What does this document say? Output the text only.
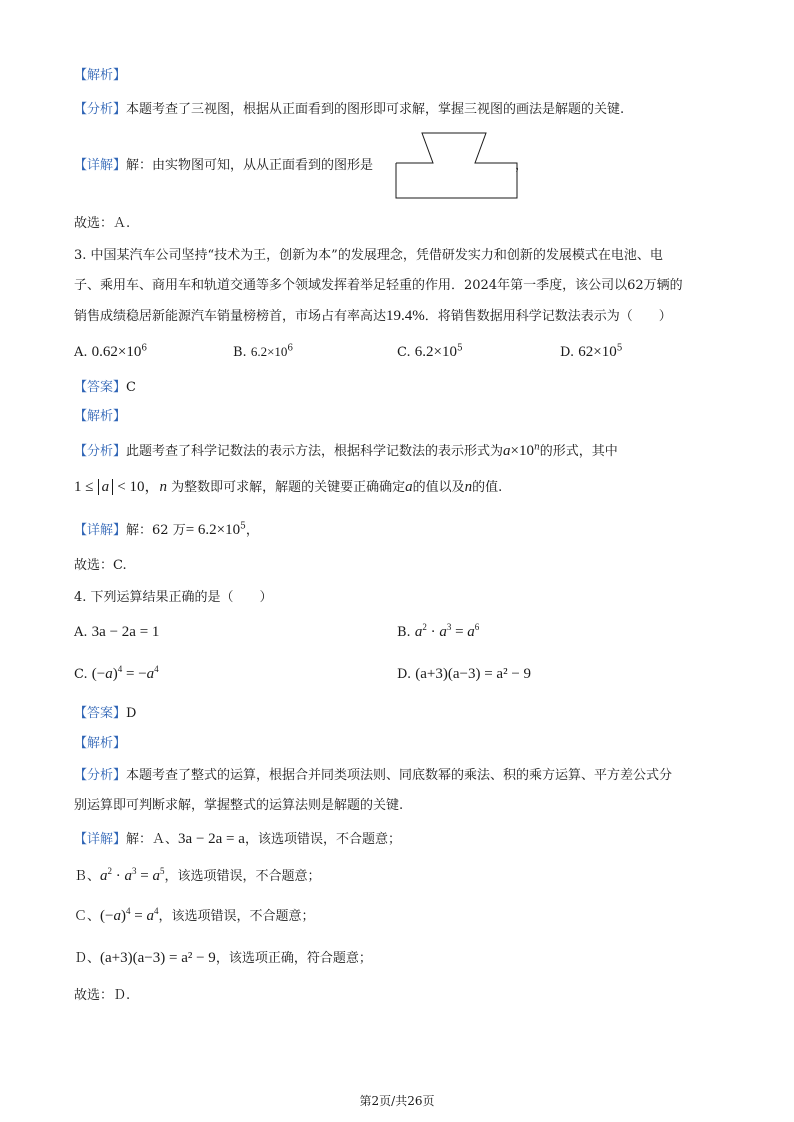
【解析】
【分析】本题考查了三视图，根据从正面看到的图形即可求解，掌握三视图的画法是解题的关键.
【详解】解：由实物图可知，从从正面看到的图形是	，
故选：Ａ.
3. 中国某汽车公司坚持“技术为王，创新为本”的发展理念，凭借研发实力和创新的发展模式在电池、电
子、乘用车、商用车和轨道交通等多个领域发挥着举足轻重的作用．2024年第一季度，该公司以62万辆的
销售成绩稳居新能源汽车销量榜榜首，市场占有率高达19.4%．将销售数据用科学记数法表示为（　　）
A. $0.62\times 10^6$	B. $6.2\times 10^6$	C. $6.2\times 10^5$	D. $62\times 10^5$
【答案】C
【解析】
【分析】此题考查了科学记数法的表示方法，根据科学记数法的表示形式为$a\times 10^n$的形式，其中
1 ≤ a < 10，n 为整数即可求解，解题的关键要正确确定a的值以及n的值.
【详解】解：62 万= $6.2\times 10^5$，
故选：C.
4. 下列运算结果正确的是（　　）
A. 3a − 2a = 1	B. $a^2 \cdot a^3 = a^6$
C. $(-a)^4 = -a^4$	D. (a+3)(a−3) = a² − 9
【答案】D
【解析】
【分析】本题考查了整式的运算，根据合并同类项法则、同底数幂的乘法、积的乘方运算、平方差公式分
别运算即可判断求解，掌握整式的运算法则是解题的关键.
【详解】解：Ａ、3a − 2a = a，该选项错误，不合题意；
Ｂ、$a^2 \cdot a^3 = a^5$，该选项错误，不合题意；
Ｃ、$(-a)^4 = a^4$，该选项错误，不合题意；
Ｄ、(a+3)(a−3) = a² − 9，该选项正确，符合题意；
故选：Ｄ.
第2页/共26页
